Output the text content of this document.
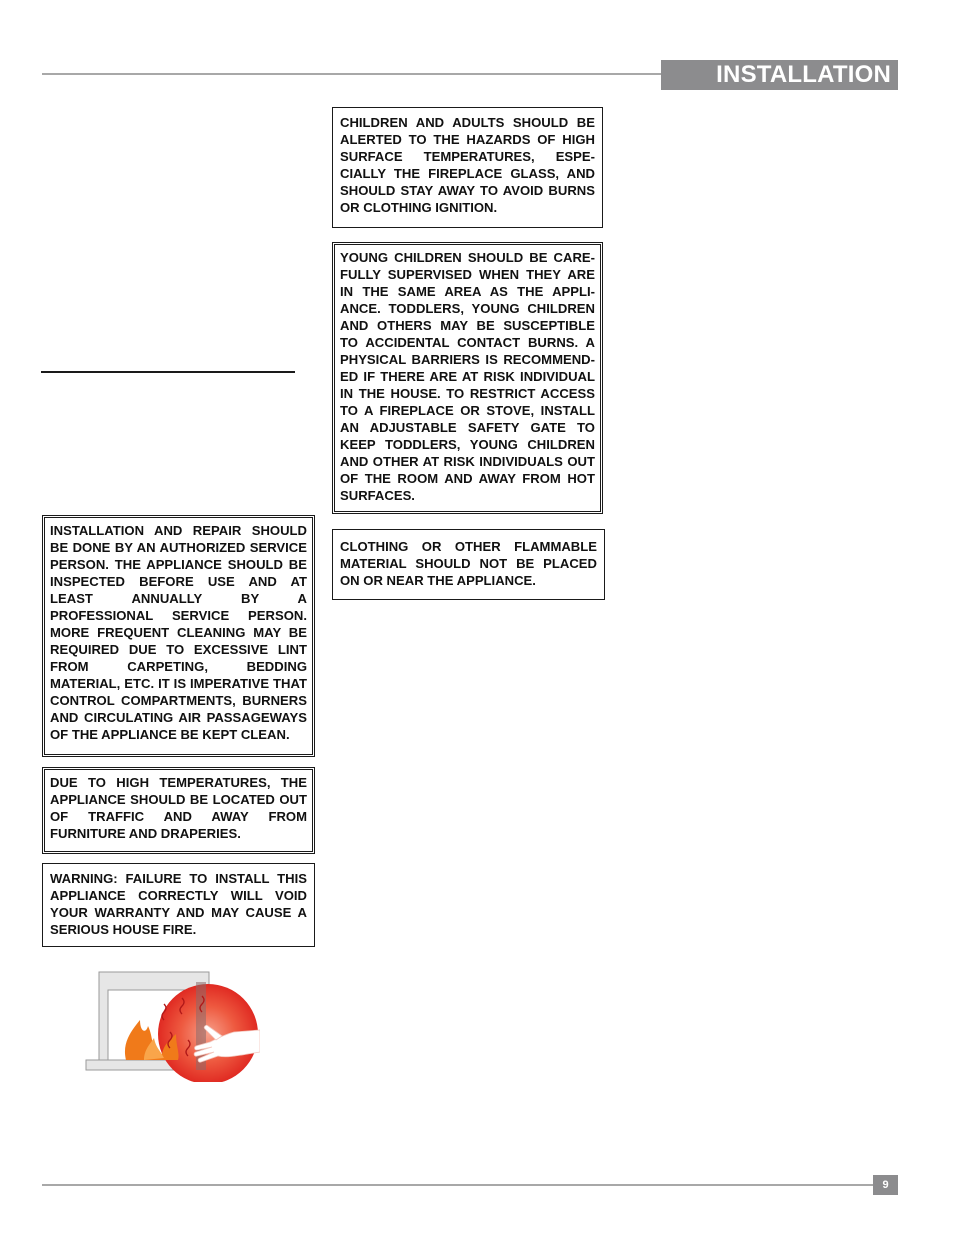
INSTALLATION

CHILDREN AND ADULTS SHOULD BE ALERTED TO THE HAZARDS OF HIGH SURFACE TEMPERATURES, ESPE-CIALLY THE FIREPLACE GLASS, AND SHOULD STAY AWAY TO AVOID BURNS OR CLOTHING IGNITION.

YOUNG CHILDREN SHOULD BE CARE-FULLY SUPERVISED WHEN THEY ARE IN THE SAME AREA AS THE APPLI-ANCE. TODDLERS, YOUNG CHILDREN AND OTHERS MAY BE SUSCEPTIBLE TO ACCIDENTAL CONTACT BURNS. A PHYSICAL BARRIERS IS RECOMMEND-ED IF THERE ARE AT RISK INDIVIDUAL IN THE HOUSE. TO RESTRICT ACCESS TO A FIREPLACE OR STOVE, INSTALL AN ADJUSTABLE SAFETY GATE TO KEEP TODDLERS, YOUNG CHILDREN AND OTHER AT RISK INDIVIDUALS OUT OF THE ROOM AND AWAY FROM HOT SURFACES.

CLOTHING OR OTHER FLAMMABLE MATERIAL SHOULD NOT BE PLACED ON OR NEAR THE APPLIANCE.

INSTALLATION AND REPAIR SHOULD BE DONE BY AN AUTHORIZED SERVICE PERSON. THE APPLIANCE SHOULD BE INSPECTED BEFORE USE AND AT LEAST ANNUALLY BY A PROFESSIONAL SERVICE PERSON. MORE FREQUENT CLEANING MAY BE REQUIRED DUE TO EXCESSIVE LINT FROM CARPETING, BEDDING MATERIAL, ETC. IT IS IMPERATIVE THAT CONTROL COMPARTMENTS, BURNERS AND CIRCULATING AIR PASSAGEWAYS OF THE APPLIANCE BE KEPT CLEAN.

DUE TO HIGH TEMPERATURES, THE APPLIANCE SHOULD BE LOCATED OUT OF TRAFFIC AND AWAY FROM FURNITURE AND DRAPERIES.

WARNING: FAILURE TO INSTALL THIS APPLIANCE CORRECTLY WILL VOID YOUR WARRANTY AND MAY CAUSE A SERIOUS HOUSE FIRE.

9
